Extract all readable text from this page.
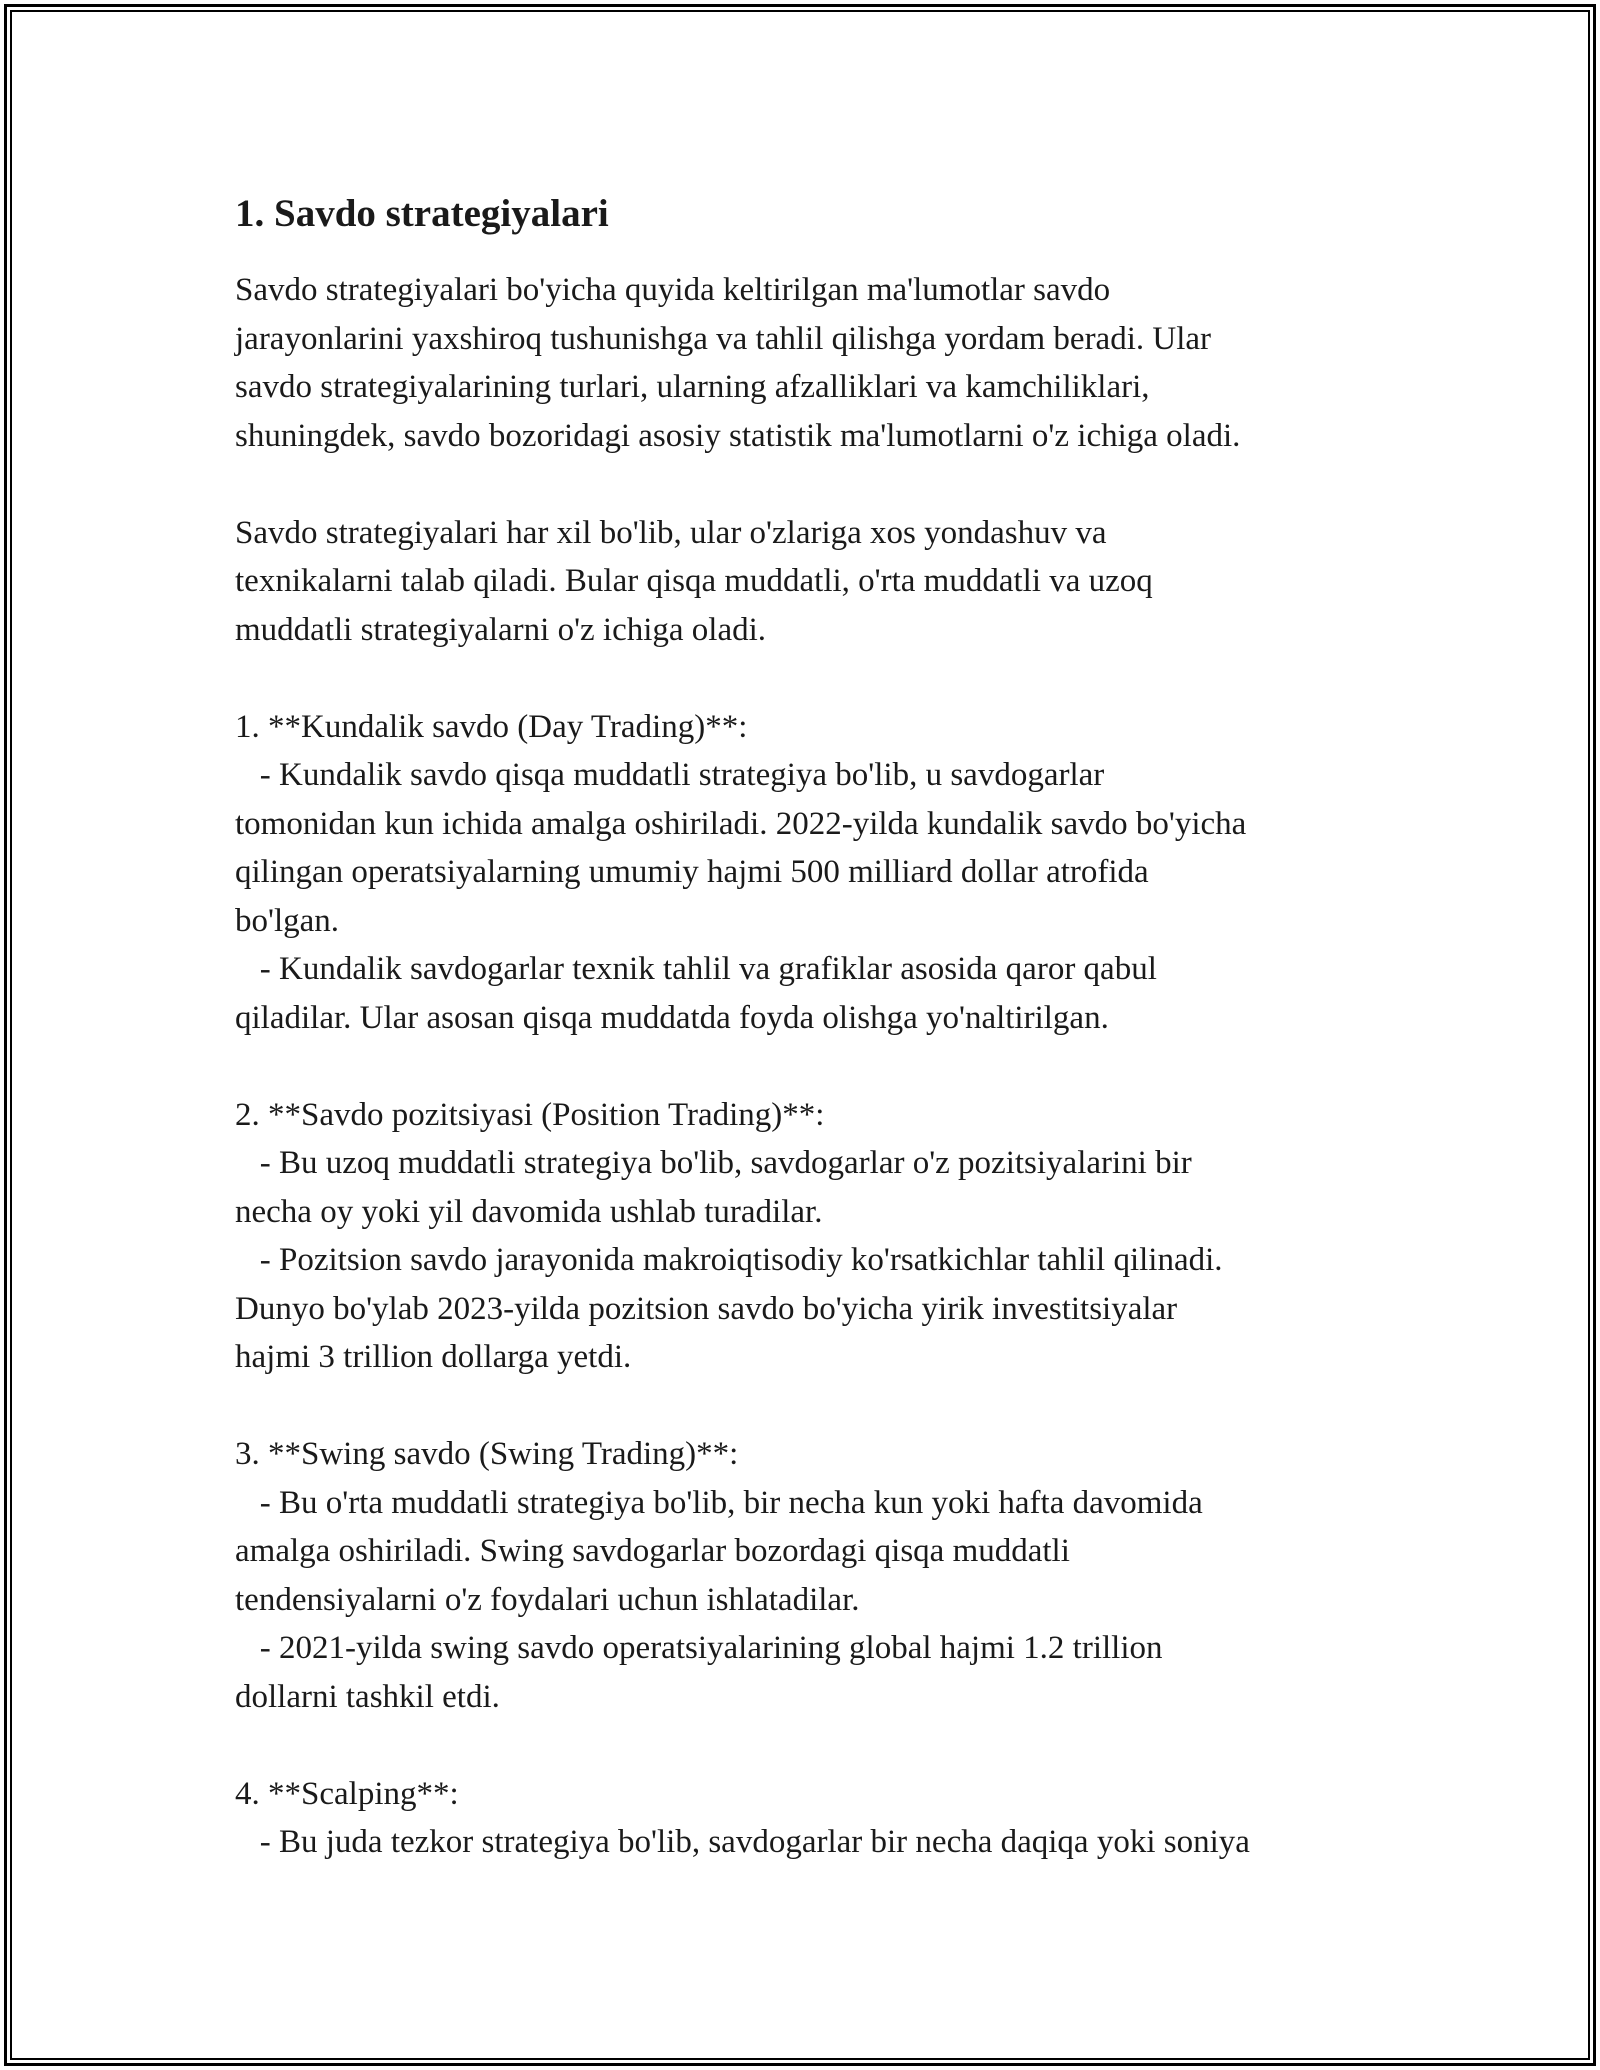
1. Savdo strategiyalari

Savdo strategiyalari bo'yicha quyida keltirilgan ma'lumotlar savdo
jarayonlarini yaxshiroq tushunishga va tahlil qilishga yordam beradi. Ular
savdo strategiyalarining turlari, ularning afzalliklari va kamchiliklari,
shuningdek, savdo bozoridagi asosiy statistik ma'lumotlarni o'z ichiga oladi.

Savdo strategiyalari har xil bo'lib, ular o'zlariga xos yondashuv va
texnikalarni talab qiladi. Bular qisqa muddatli, o'rta muddatli va uzoq
muddatli strategiyalarni o'z ichiga oladi.

1. **Kundalik savdo (Day Trading)**:
- Kundalik savdo qisqa muddatli strategiya bo'lib, u savdogarlar
tomonidan kun ichida amalga oshiriladi. 2022-yilda kundalik savdo bo'yicha
qilingan operatsiyalarning umumiy hajmi 500 milliard dollar atrofida
bo'lgan.
- Kundalik savdogarlar texnik tahlil va grafiklar asosida qaror qabul
qiladilar. Ular asosan qisqa muddatda foyda olishga yo'naltirilgan.

2. **Savdo pozitsiyasi (Position Trading)**:
- Bu uzoq muddatli strategiya bo'lib, savdogarlar o'z pozitsiyalarini bir
necha oy yoki yil davomida ushlab turadilar.
- Pozitsion savdo jarayonida makroiqtisodiy ko'rsatkichlar tahlil qilinadi.
Dunyo bo'ylab 2023-yilda pozitsion savdo bo'yicha yirik investitsiyalar
hajmi 3 trillion dollarga yetdi.

3. **Swing savdo (Swing Trading)**:
- Bu o'rta muddatli strategiya bo'lib, bir necha kun yoki hafta davomida
amalga oshiriladi. Swing savdogarlar bozordagi qisqa muddatli
tendensiyalarni o'z foydalari uchun ishlatadilar.
- 2021-yilda swing savdo operatsiyalarining global hajmi 1.2 trillion
dollarni tashkil etdi.

4. **Scalping**:
- Bu juda tezkor strategiya bo'lib, savdogarlar bir necha daqiqa yoki soniya
